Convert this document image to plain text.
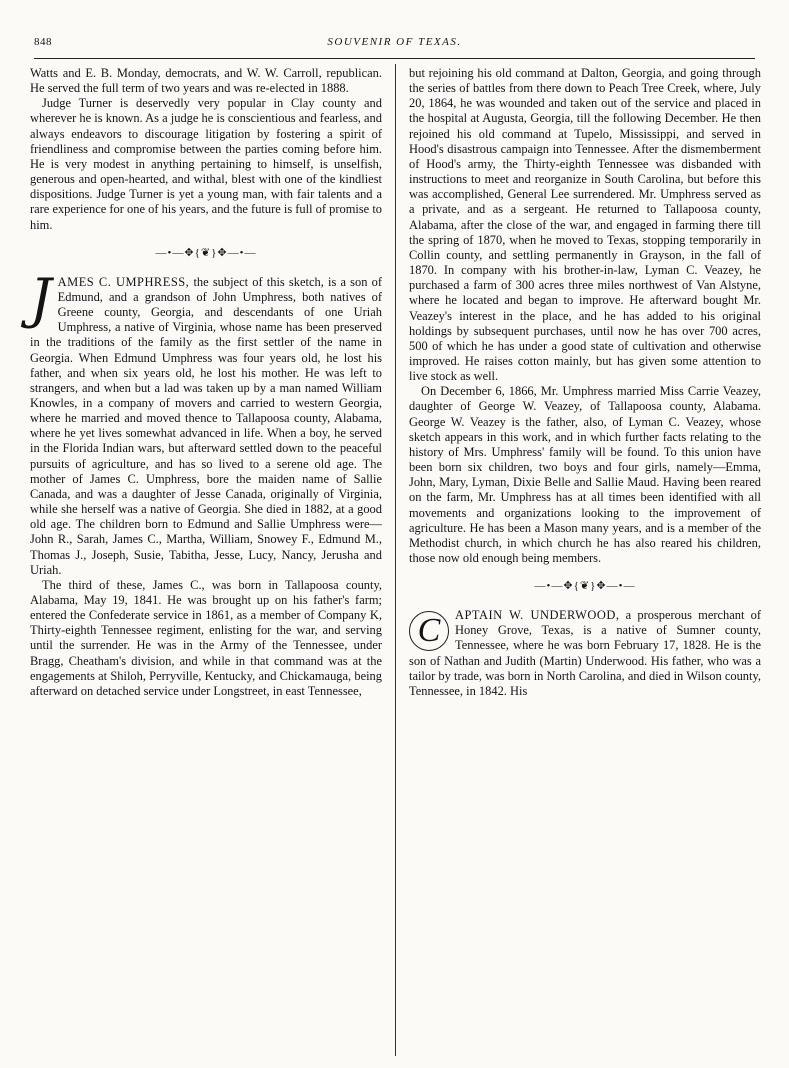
848	SOUVENIR OF TEXAS.

Watts and E. B. Monday, democrats, and W. W. Carroll, republican. He served the full term of two years and was re-elected in 1888.

Judge Turner is deservedly very popular in Clay county and wherever he is known. As a judge he is conscientious and fearless, and always endeavors to discourage litigation by fostering a spirit of friendliness and compromise between the parties coming before him. He is very modest in anything pertaining to himself, is unselfish, generous and open-hearted, and withal, blest with one of the kindliest dispositions. Judge Turner is yet a young man, with fair talents and a rare experience for one of his years, and the future is full of promise to him.

—•—✥{❦}✥—•—

JAMES C. UMPHRESS, the subject of this sketch, is a son of Edmund, and a grandson of John Umphress, both natives of Greene county, Georgia, and descendants of one Uriah Umphress, a native of Virginia, whose name has been preserved in the traditions of the family as the first settler of the name in Georgia. When Edmund Umphress was four years old, he lost his father, and when six years old, he lost his mother. He was left to strangers, and when but a lad was taken up by a man named William Knowles, in a company of movers and carried to western Georgia, where he married and moved thence to Tallapoosa county, Alabama, where he yet lives somewhat advanced in life. When a boy, he served in the Florida Indian wars, but afterward settled down to the peaceful pursuits of agriculture, and has so lived to a serene old age. The mother of James C. Umphress, bore the maiden name of Sallie Canada, and was a daughter of Jesse Canada, originally of Virginia, while she herself was a native of Georgia. She died in 1882, at a good old age. The children born to Edmund and Sallie Umphress were—John R., Sarah, James C., Martha, William, Snowey F., Edmund M., Thomas J., Joseph, Susie, Tabitha, Jesse, Lucy, Nancy, Jerusha and Uriah.

The third of these, James C., was born in Tallapoosa county, Alabama, May 19, 1841. He was brought up on his father's farm; entered the Confederate service in 1861, as a member of Company K, Thirty-eighth Tennessee regiment, enlisting for the war, and serving until the surrender. He was in the Army of the Tennessee, under Bragg, Cheatham's division, and while in that command was at the engagements at Shiloh, Perryville, Kentucky, and Chickamauga, being afterward on detached service under Longstreet, in east Tennessee,

but rejoining his old command at Dalton, Georgia, and going through the series of battles from there down to Peach Tree Creek, where, July 20, 1864, he was wounded and taken out of the service and placed in the hospital at Augusta, Georgia, till the following December. He then rejoined his old command at Tupelo, Mississippi, and served in Hood's disastrous campaign into Tennessee. After the dismemberment of Hood's army, the Thirty-eighth Tennessee was disbanded with instructions to meet and reorganize in South Carolina, but before this was accomplished, General Lee surrendered. Mr. Umphress served as a private, and as a sergeant. He returned to Tallapoosa county, Alabama, after the close of the war, and engaged in farming there till the spring of 1870, when he moved to Texas, stopping temporarily in Collin county, and settling permanently in Grayson, in the fall of 1870. In company with his brother-in-law, Lyman C. Veazey, he purchased a farm of 300 acres three miles northwest of Van Alstyne, where he located and began to improve. He afterward bought Mr. Veazey's interest in the place, and he has added to his original holdings by subsequent purchases, until now he has over 700 acres, 500 of which he has under a good state of cultivation and otherwise improved. He raises cotton mainly, but has given some attention to live stock as well.

On December 6, 1866, Mr. Umphress married Miss Carrie Veazey, daughter of George W. Veazey, of Tallapoosa county, Alabama. George W. Veazey is the father, also, of Lyman C. Veazey, whose sketch appears in this work, and in which further facts relating to the history of Mrs. Umphress' family will be found. To this union have been born six children, two boys and four girls, namely—Emma, John, Mary, Lyman, Dixie Belle and Sallie Maud. Having been reared on the farm, Mr. Umphress has at all times been identified with all movements and organizations looking to the improvement of agriculture. He has been a Mason many years, and is a member of the Methodist church, in which church he has also reared his children, those now old enough being members.

—•—✥{❦}✥—•—

C	APTAIN W. UNDERWOOD, a prosperous merchant of Honey Grove, Texas, is a native of Sumner county, Tennessee, where he was born February 17, 1828. He is the son of Nathan and Judith (Martin) Underwood. His father, who was a tailor by trade, was born in North Carolina, and died in Wilson county, Tennessee, in 1842. His
